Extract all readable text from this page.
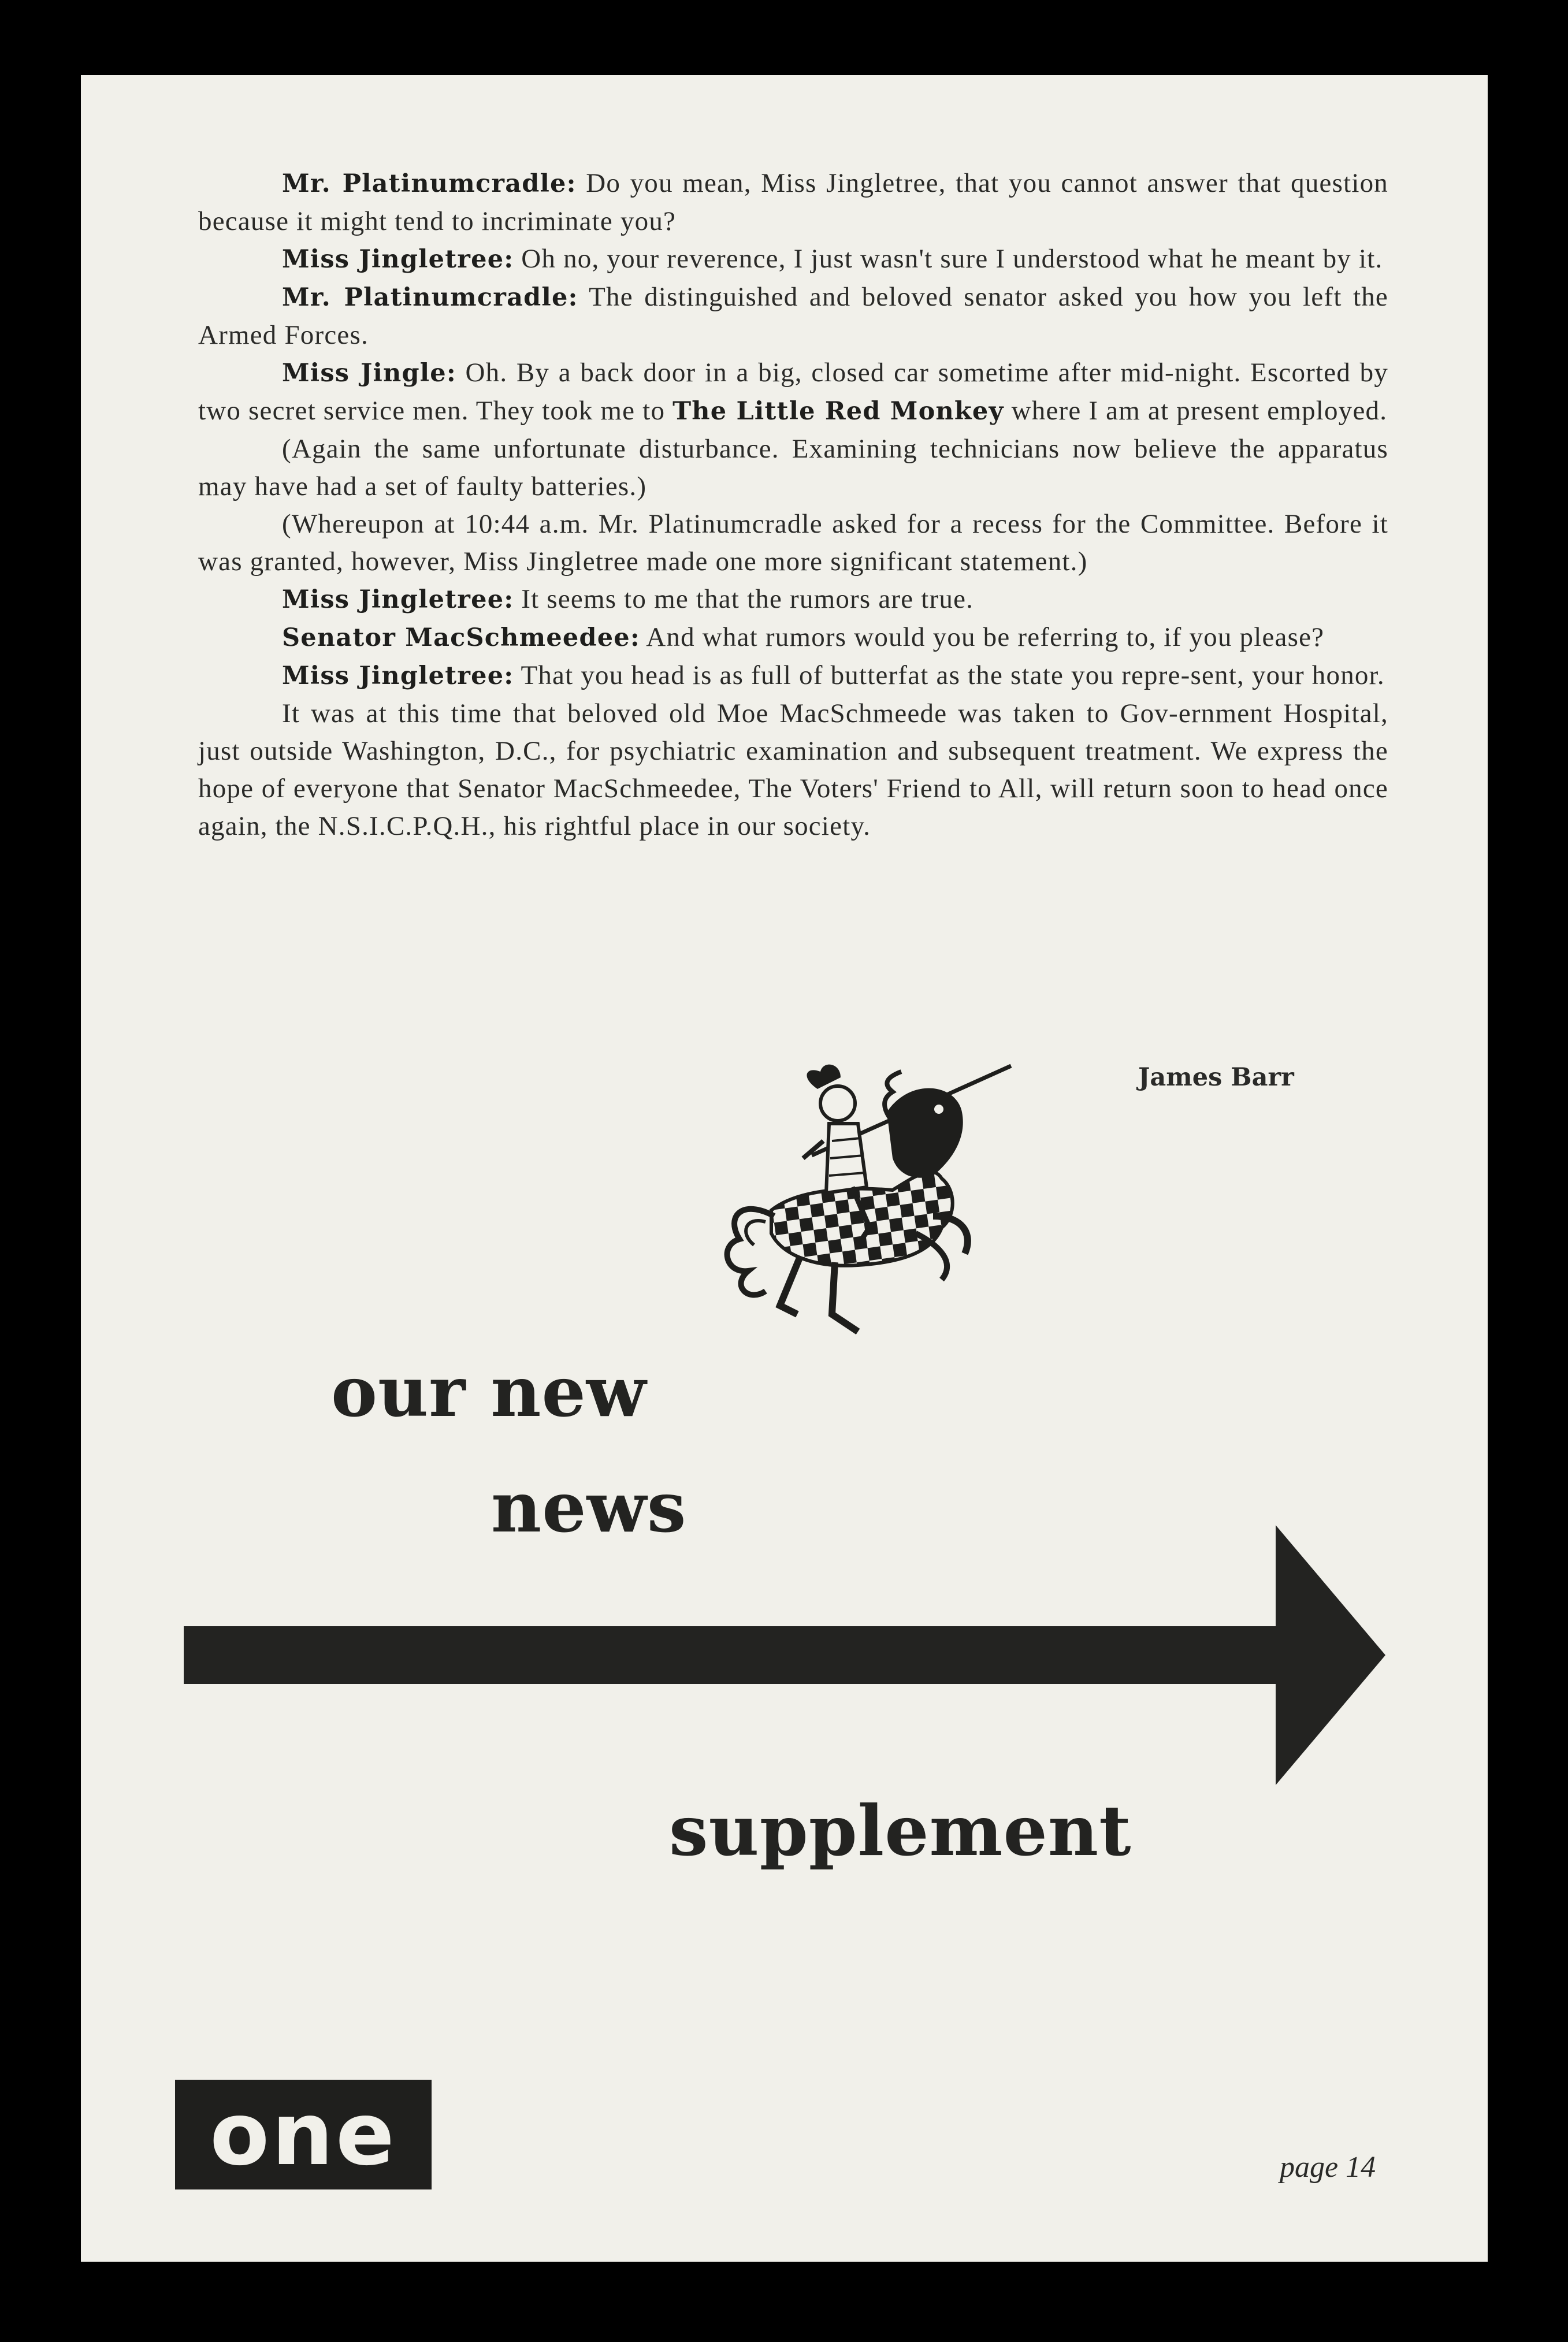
Mr. Platinumcradle: Do you mean, Miss Jingletree, that you cannot answer that question because it might tend to incriminate you?

Miss Jingletree: Oh no, your reverence, I just wasn't sure I understood what he meant by it.

Mr. Platinumcradle: The distinguished and beloved senator asked you how you left the Armed Forces.

Miss Jingle: Oh. By a back door in a big, closed car sometime after mid-night. Escorted by two secret service men. They took me to The Little Red Monkey where I am at present employed.

(Again the same unfortunate disturbance. Examining technicians now believe the apparatus may have had a set of faulty batteries.)

(Whereupon at 10:44 a.m. Mr. Platinumcradle asked for a recess for the Committee. Before it was granted, however, Miss Jingletree made one more significant statement.)

Miss Jingletree: It seems to me that the rumors are true.

Senator MacSchmeedee: And what rumors would you be referring to, if you please?

Miss Jingletree: That you head is as full of butterfat as the state you repre-sent, your honor.

It was at this time that beloved old Moe MacSchmeede was taken to Gov-ernment Hospital, just outside Washington, D.C., for psychiatric examination and subsequent treatment. We express the hope of everyone that Senator MacSchmeedee, The Voters' Friend to All, will return soon to head once again, the N.S.I.C.P.Q.H., his rightful place in our society.

James Barr
our new
news
supplement
one	page 14
